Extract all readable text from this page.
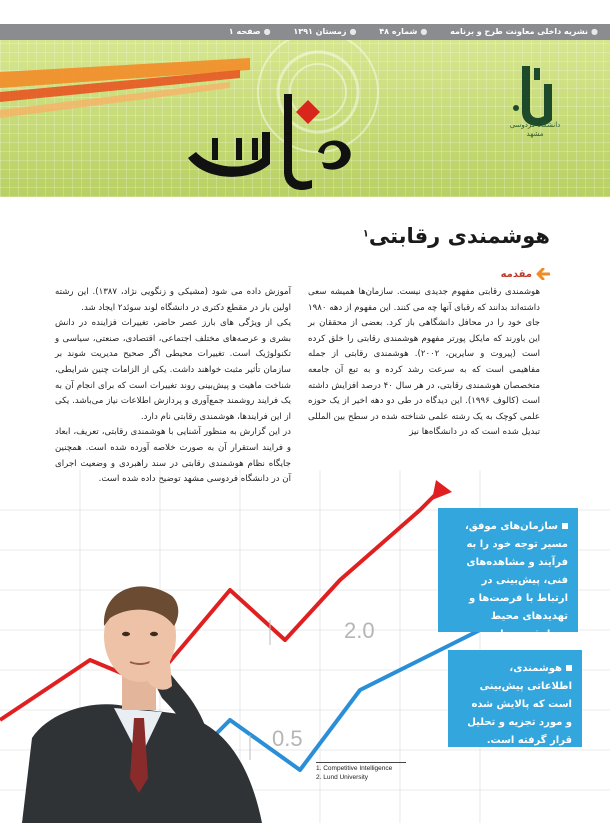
●نشریه داخلی معاونت طرح و برنامه ●شماره ۴۸ ●زمستان ۱۳۹۱ ●صفحه ۱
دانشگاه فردوسی مشهد
هوشمندی رقابتی$^۱$
مقدمه

هوشمندی رقابتی مفهوم جدیدی نیست. سازمان‌ها همیشه سعی داشته‌اند بدانند که رقبای آنها چه می کنند. این مفهوم از دهه ۱۹۸۰ جای خود را در محافل دانشگاهی باز کرد. بعضی از محققان بر این باورند که مایکل پورتر مفهوم هوشمندی رقابتی را خلق کرده است (پیروت و سایرین، ۲۰۰۲). هوشمندی رقابتی از جمله مفاهیمی است که به سرعت رشد کرده و به تبع آن جامعه متخصصان هوشمندی رقابتی، در هر سال ۴۰ درصد افزایش داشته است (کالوف ۱۹۹۶). این دیدگاه در طی دو دهه اخیر از یک حوزه علمی کوچک به یک رشته علمی شناخته شده در سطح بین المللی تبدیل شده است که در دانشگاه‌ها نیز

آموزش داده می شود (مشیکی و زنگویی نژاد، ۱۳۸۷). این رشته اولین بار در مقطع دکتری در دانشگاه لوند سوئد۲ ایجاد شد.

یکی از ویژگی های بارز عصر حاضر، تغییرات فزاینده در دانش بشری و عرصه‌های مختلف اجتماعی، اقتصادی، صنعتی، سیاسی و تکنولوژیک است. تغییرات محیطی اگر صحیح مدیریت شوند بر سازمان تأثیر مثبت خواهند داشت. یکی از الزامات چنین شرایطی، شناخت ماهیت و پیش‌بینی روند تغییرات است که برای انجام آن به یک فرایند روشمند جمع‌آوری و پردازش اطلاعات نیاز می‌باشد. یکی از این فرایندها، هوشمندی رقابتی نام دارد.

در این گزارش به منظور آشنایی با هوشمندی رقابتی، تعریف، ابعاد و فرایند استقرار آن به صورت خلاصه آورده شده است. همچنین جایگاه نظام هوشمندی رقابتی در سند راهبردی و وضعیت اجرای آن در دانشگاه فردوسی مشهد توضیح داده شده است.

2.0
0.5
سازمان‌های موفق، مسیر توجه خود را به فرآیند و مشاهده‌های فنی، پیش‌بینی در ارتباط با فرصت‌ها و تهدیدهای محیط معطوف می‌دارند.
هوشمندی، اطلاعاتی پیش‌بینی است که پالایش شده و مورد تجزیه و تحلیل قرار گرفته است.
1. Competitive Intelligence
2. Lund University
